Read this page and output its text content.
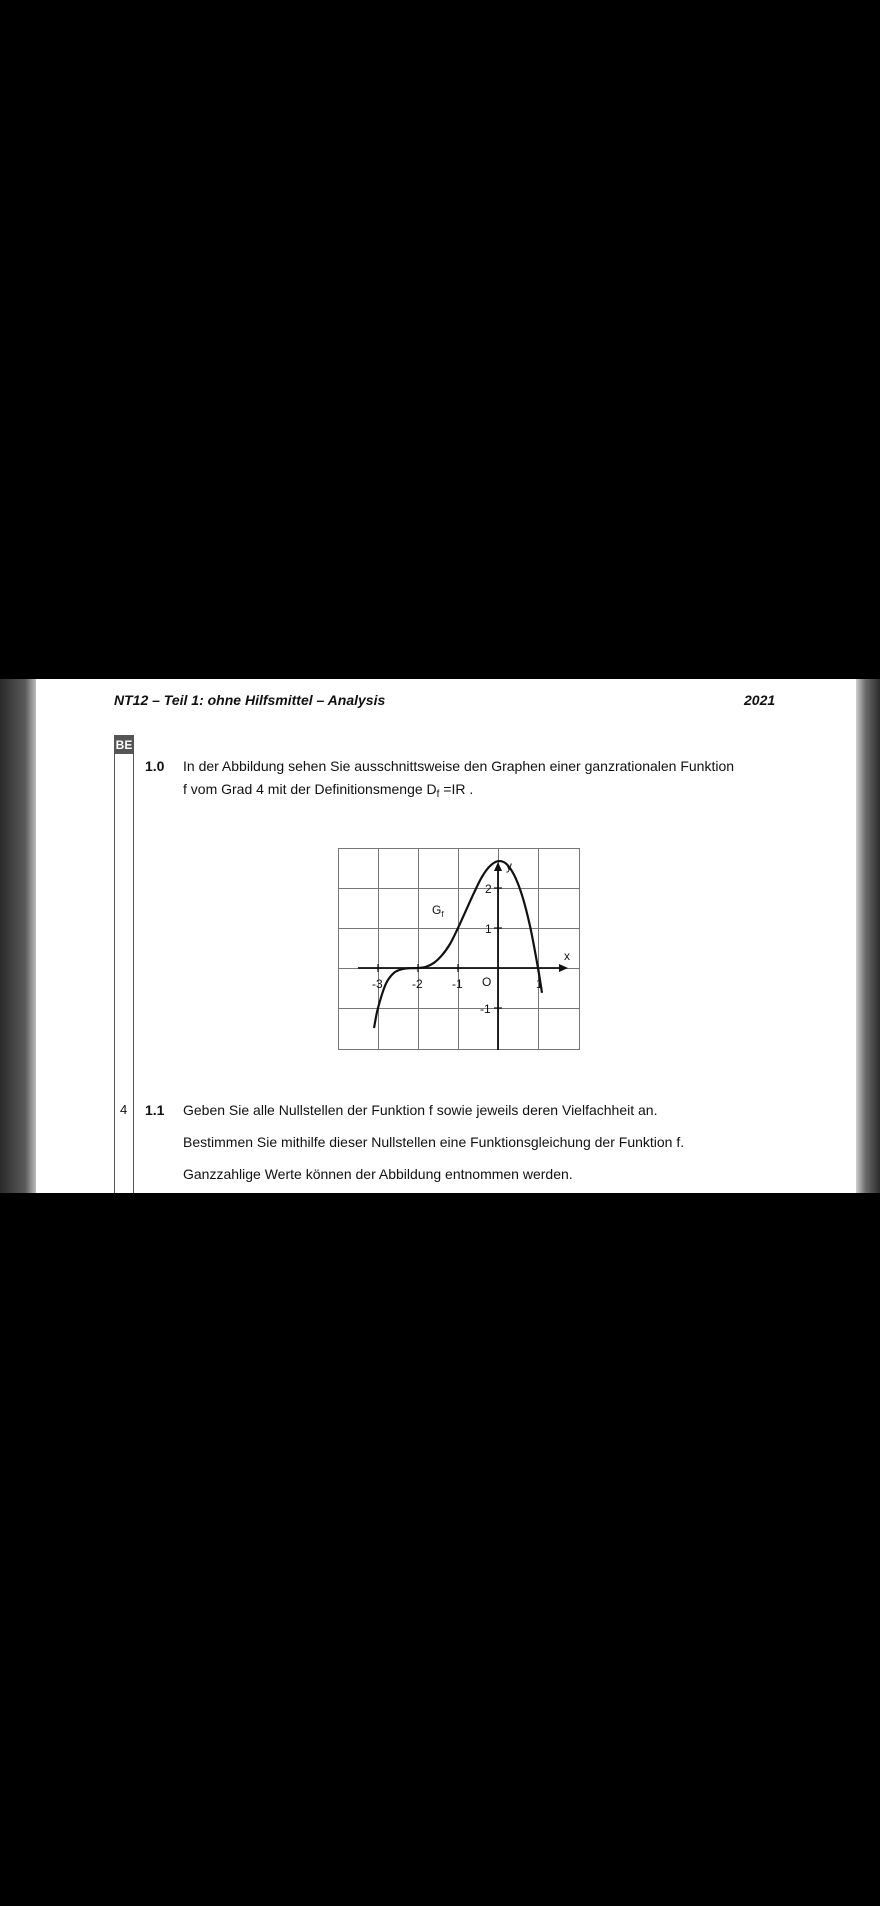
NT12 – Teil 1: ohne Hilfsmittel – Analysis	2021
BE
1.0 In der Abbildung sehen Sie ausschnittsweise den Graphen einer ganzrationalen Funktion
f vom Grad 4 mit der Definitionsmenge $D_f =IR$ .
-3 -2 -1	1
2
1
-1
O
x
y
$G_f$
4 1.1 Geben Sie alle Nullstellen der Funktion f sowie jeweils deren Vielfachheit an.
Bestimmen Sie mithilfe dieser Nullstellen eine Funktionsgleichung der Funktion f.
Ganzzahlige Werte können der Abbildung entnommen werden.
